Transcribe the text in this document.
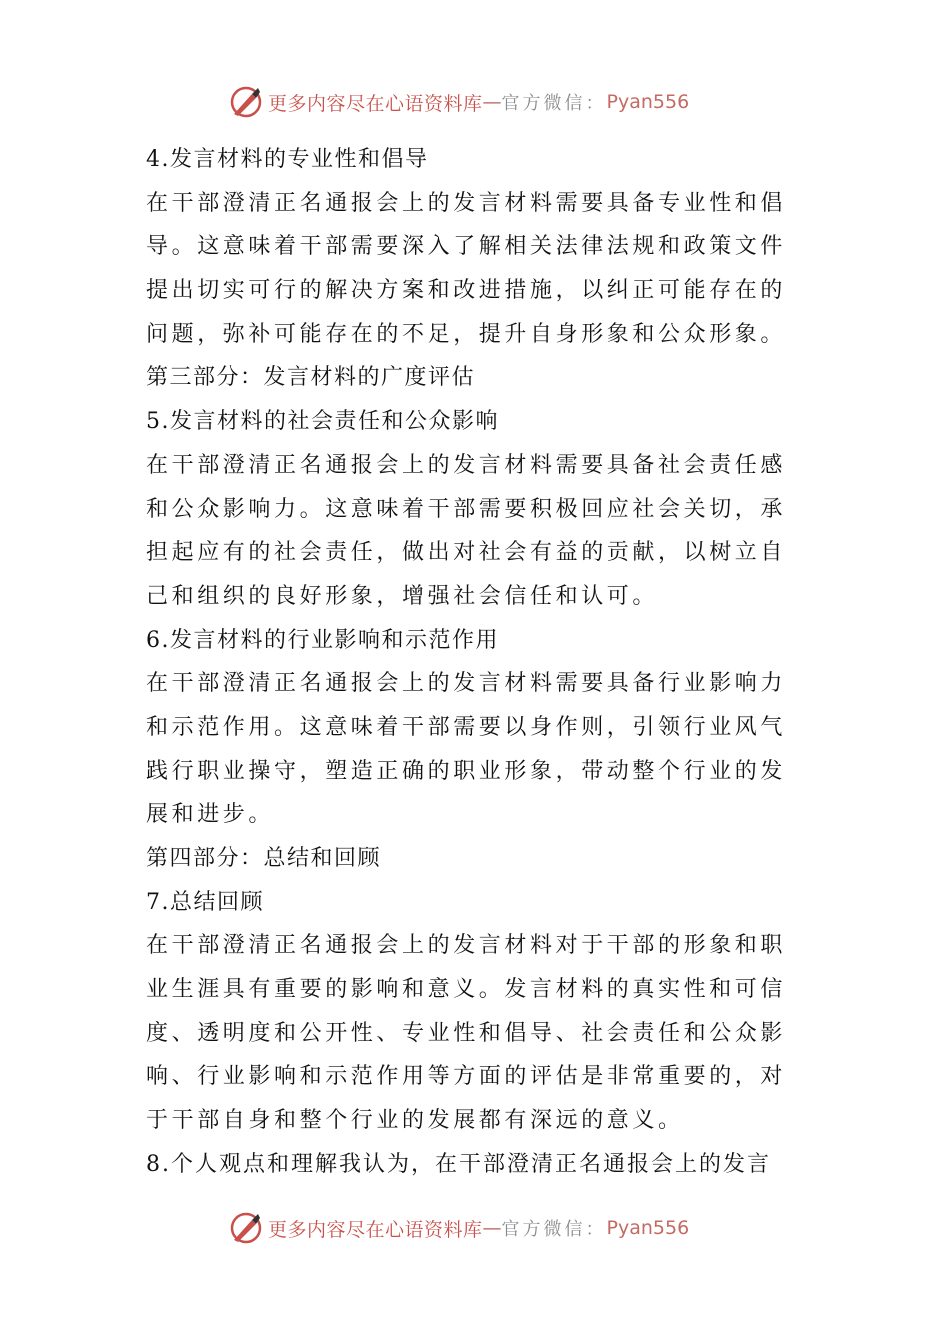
更多内容尽在心语资料库 — 官方微信： Pyan556
4.发言材料的专业性和倡导
在干部澄清正名通报会上的发言材料需要具备专业性和倡
导。这意味着干部需要深入了解相关法律法规和政策文件
提出切实可行的解决方案和改进措施，以纠正可能存在的
问题，弥补可能存在的不足，提升自身形象和公众形象。
第三部分：发言材料的广度评估
5.发言材料的社会责任和公众影响
在干部澄清正名通报会上的发言材料需要具备社会责任感
和公众影响力。这意味着干部需要积极回应社会关切，承
担起应有的社会责任，做出对社会有益的贡献，以树立自
己和组织的良好形象，增强社会信任和认可。
6.发言材料的行业影响和示范作用
在干部澄清正名通报会上的发言材料需要具备行业影响力
和示范作用。这意味着干部需要以身作则，引领行业风气
践行职业操守，塑造正确的职业形象，带动整个行业的发
展和进步。
第四部分：总结和回顾
7.总结回顾
在干部澄清正名通报会上的发言材料对于干部的形象和职
业生涯具有重要的影响和意义。发言材料的真实性和可信
度、透明度和公开性、专业性和倡导、社会责任和公众影
响、行业影响和示范作用等方面的评估是非常重要的，对
于干部自身和整个行业的发展都有深远的意义。
8.个人观点和理解我认为，在干部澄清正名通报会上的发言
更多内容尽在心语资料库 — 官方微信： Pyan556
